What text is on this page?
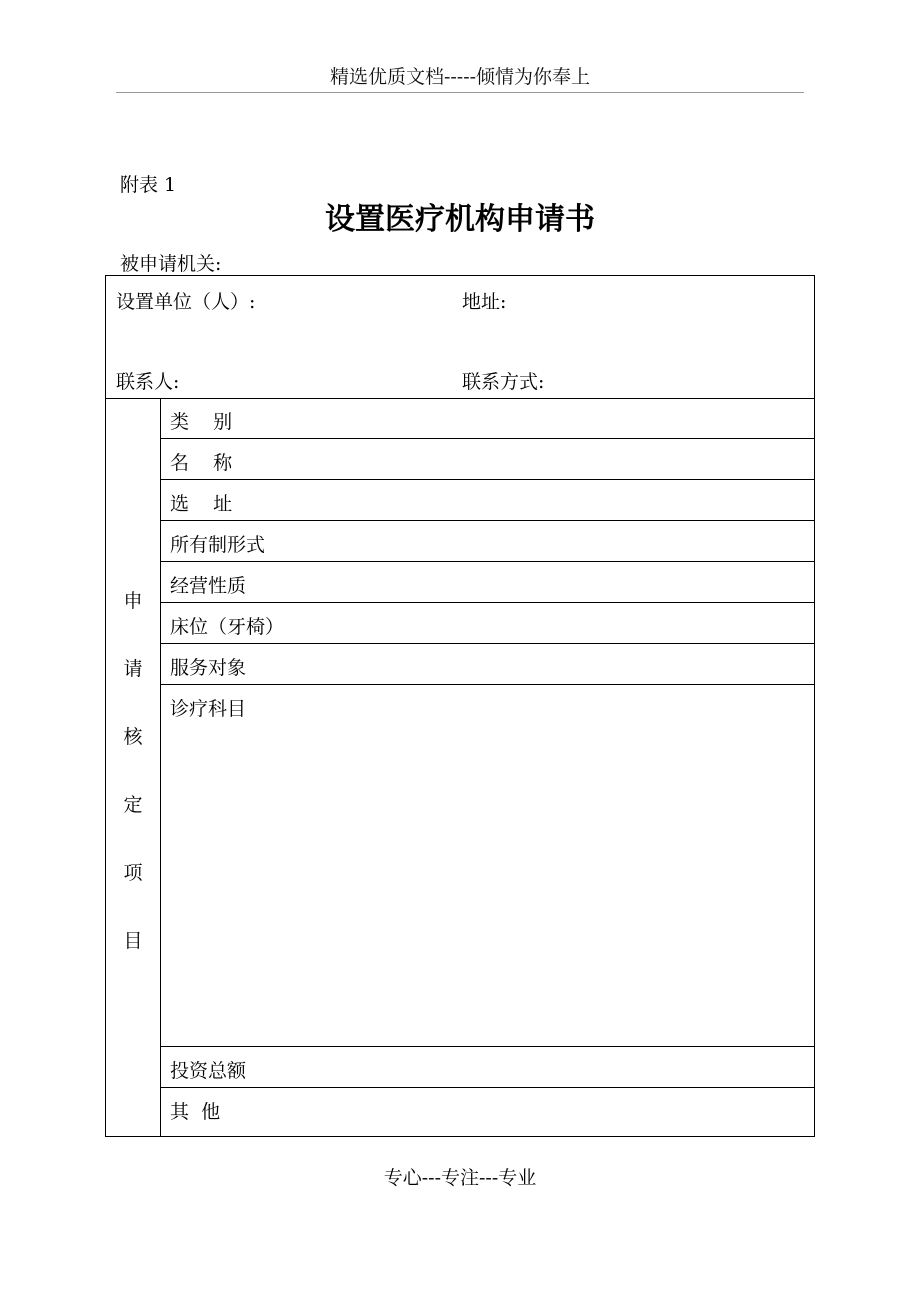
精选优质文档-----倾情为你奉上
附表 1
设置医疗机构申请书
被申请机关:
设置单位（人）:	地址:
联系人:	联系方式:
申
请
核
定
项
目
类    别
名    称
选    址
所有制形式
经营性质
床位（牙椅）
服务对象
诊疗科目
投资总额
其  他
专心---专注---专业
